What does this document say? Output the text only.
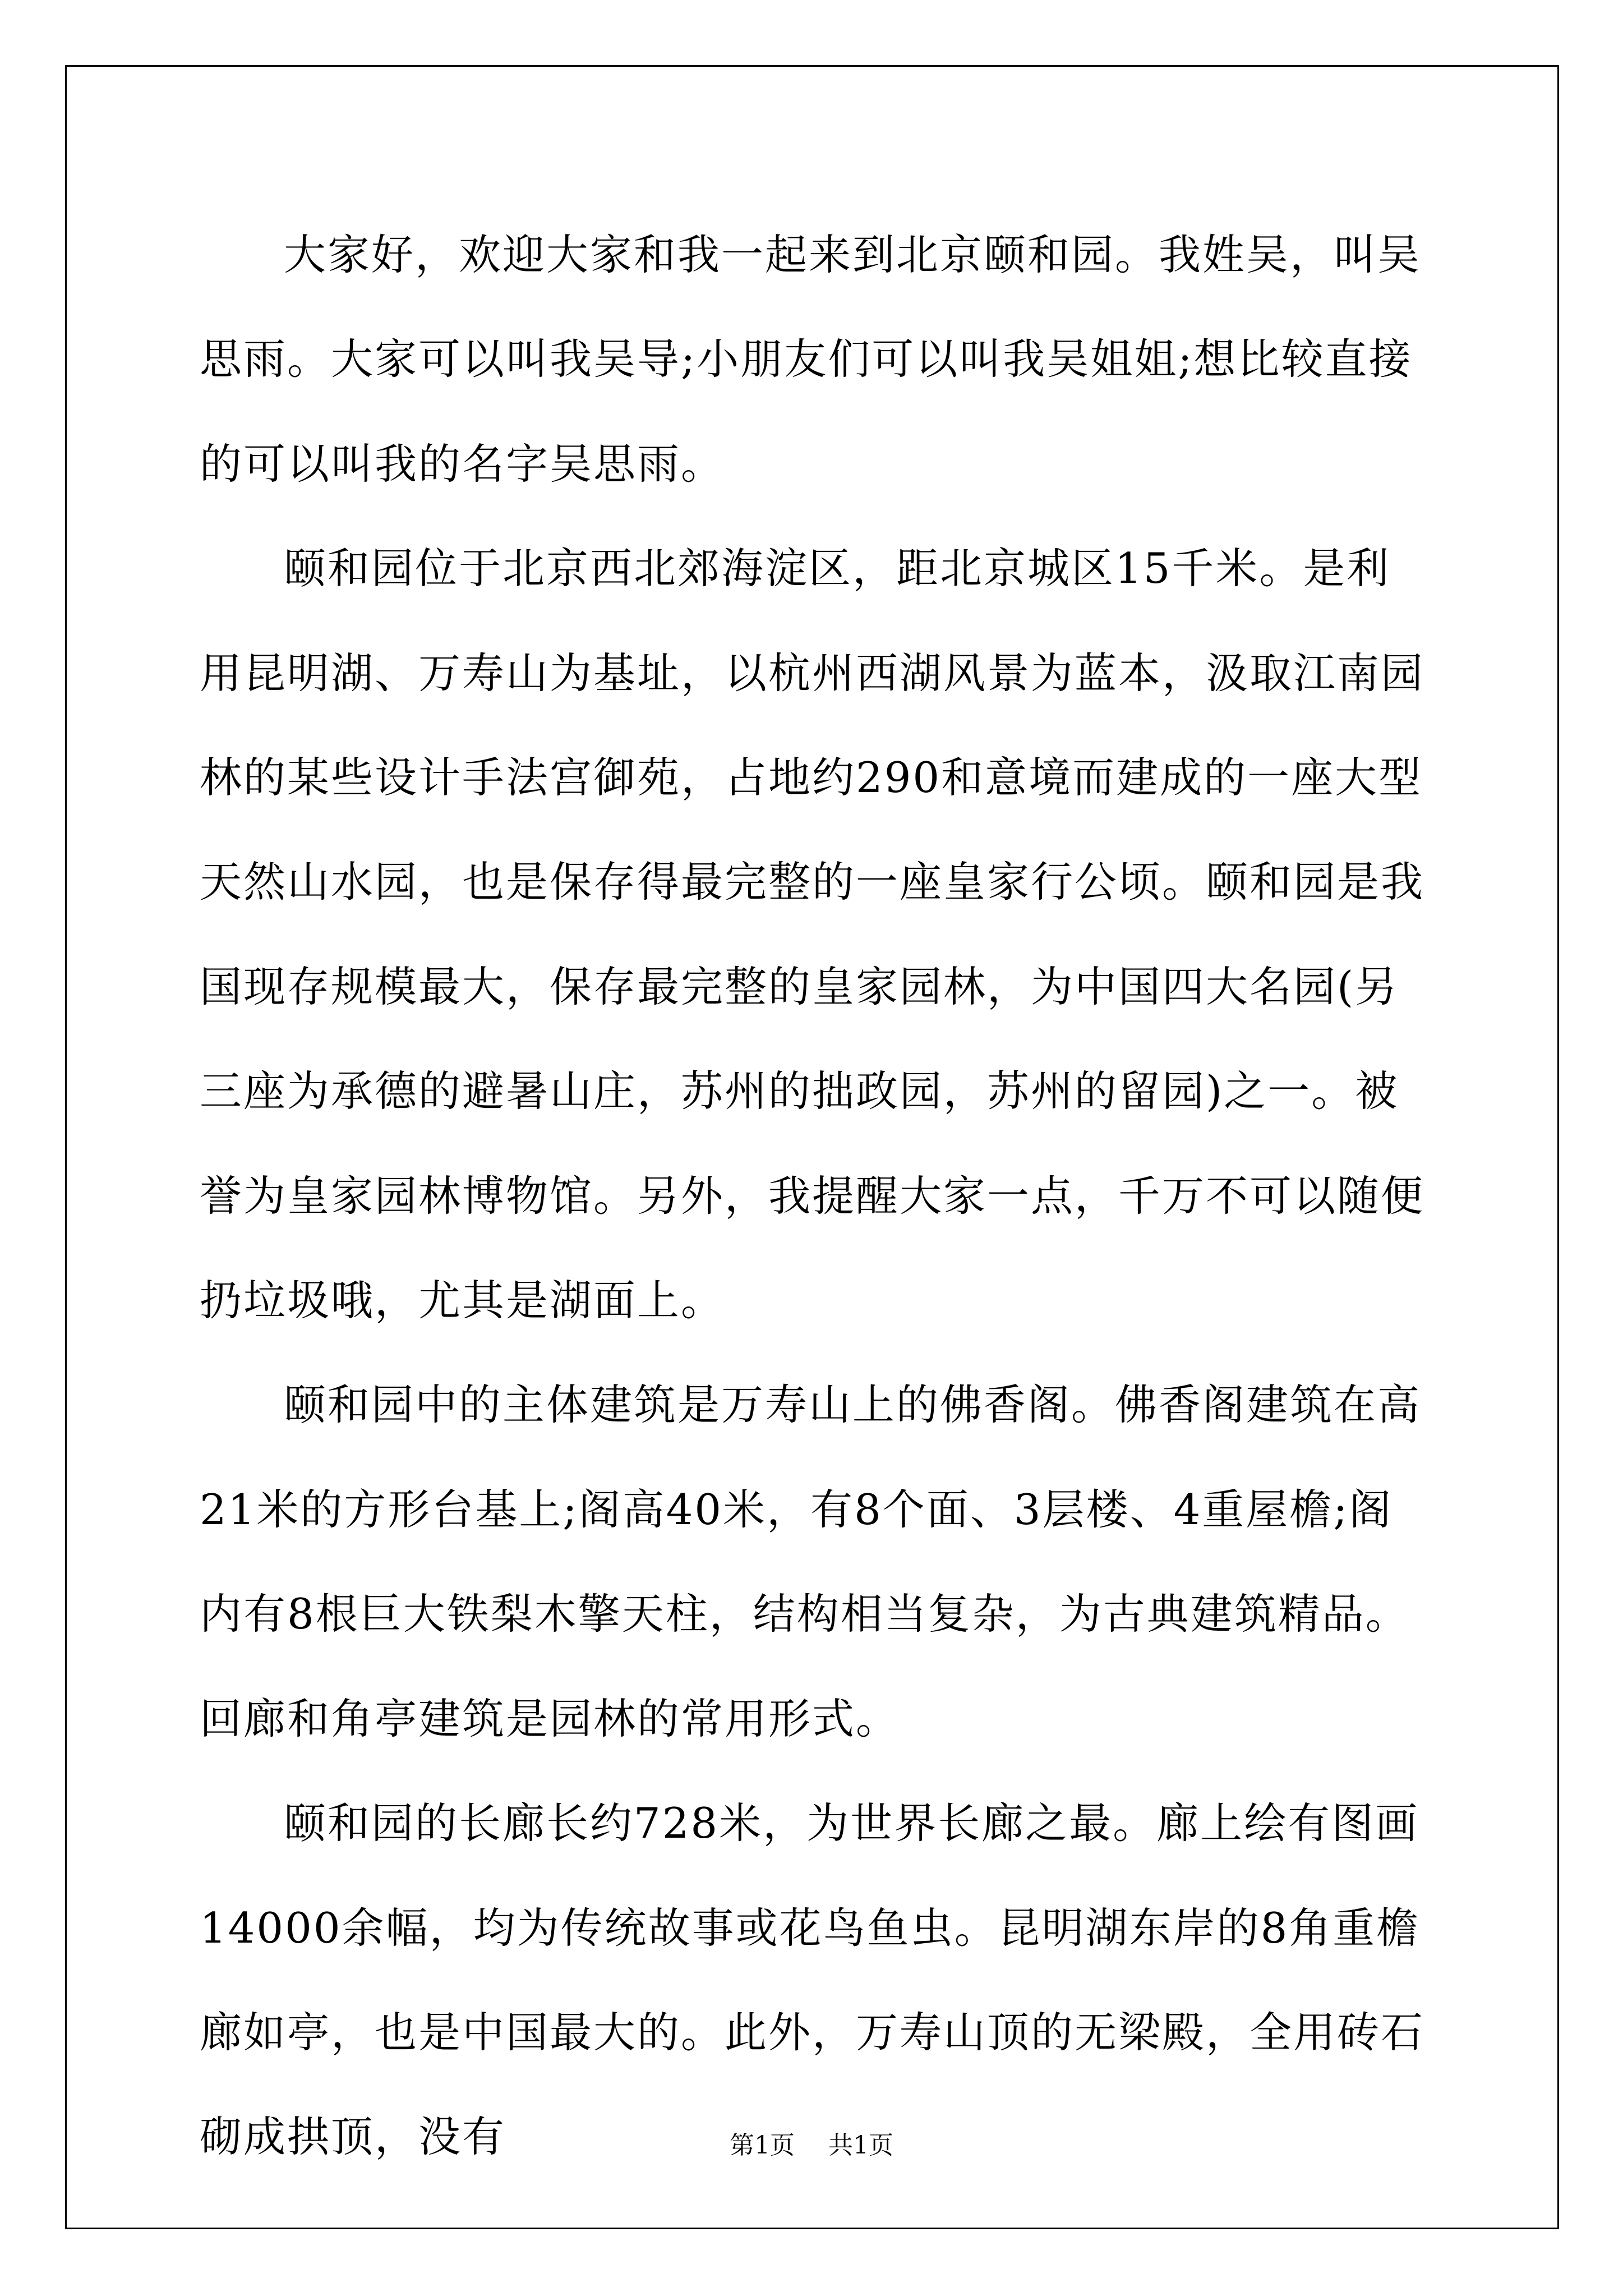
大家好，欢迎大家和我一起来到北京颐和园。我姓吴，叫吴思雨。大家可以叫我吴导;小朋友们可以叫我吴姐姐;想比较直接的可以叫我的名字吴思雨。

颐和园位于北京西北郊海淀区，距北京城区15千米。是利用昆明湖、万寿山为基址，以杭州西湖风景为蓝本，汲取江南园林的某些设计手法宫御苑，占地约290和意境而建成的一座大型天然山水园，也是保存得最完整的一座皇家行公顷。颐和园是我国现存规模最大，保存最完整的皇家园林，为中国四大名园(另三座为承德的避暑山庄，苏州的拙政园，苏州的留园)之一。被誉为皇家园林博物馆。另外，我提醒大家一点，千万不可以随便扔垃圾哦，尤其是湖面上。

颐和园中的主体建筑是万寿山上的佛香阁。佛香阁建筑在高21米的方形台基上;阁高40米，有8个面、3层楼、4重屋檐;阁内有8根巨大铁梨木擎天柱，结构相当复杂，为古典建筑精品。回廊和角亭建筑是园林的常用形式。

颐和园的长廊长约728米，为世界长廊之最。廊上绘有图画14000余幅，均为传统故事或花鸟鱼虫。昆明湖东岸的8角重檐廊如亭，也是中国最大的。此外，万寿山顶的无梁殿，全用砖石砌成拱顶，没有	第1页 共1页
